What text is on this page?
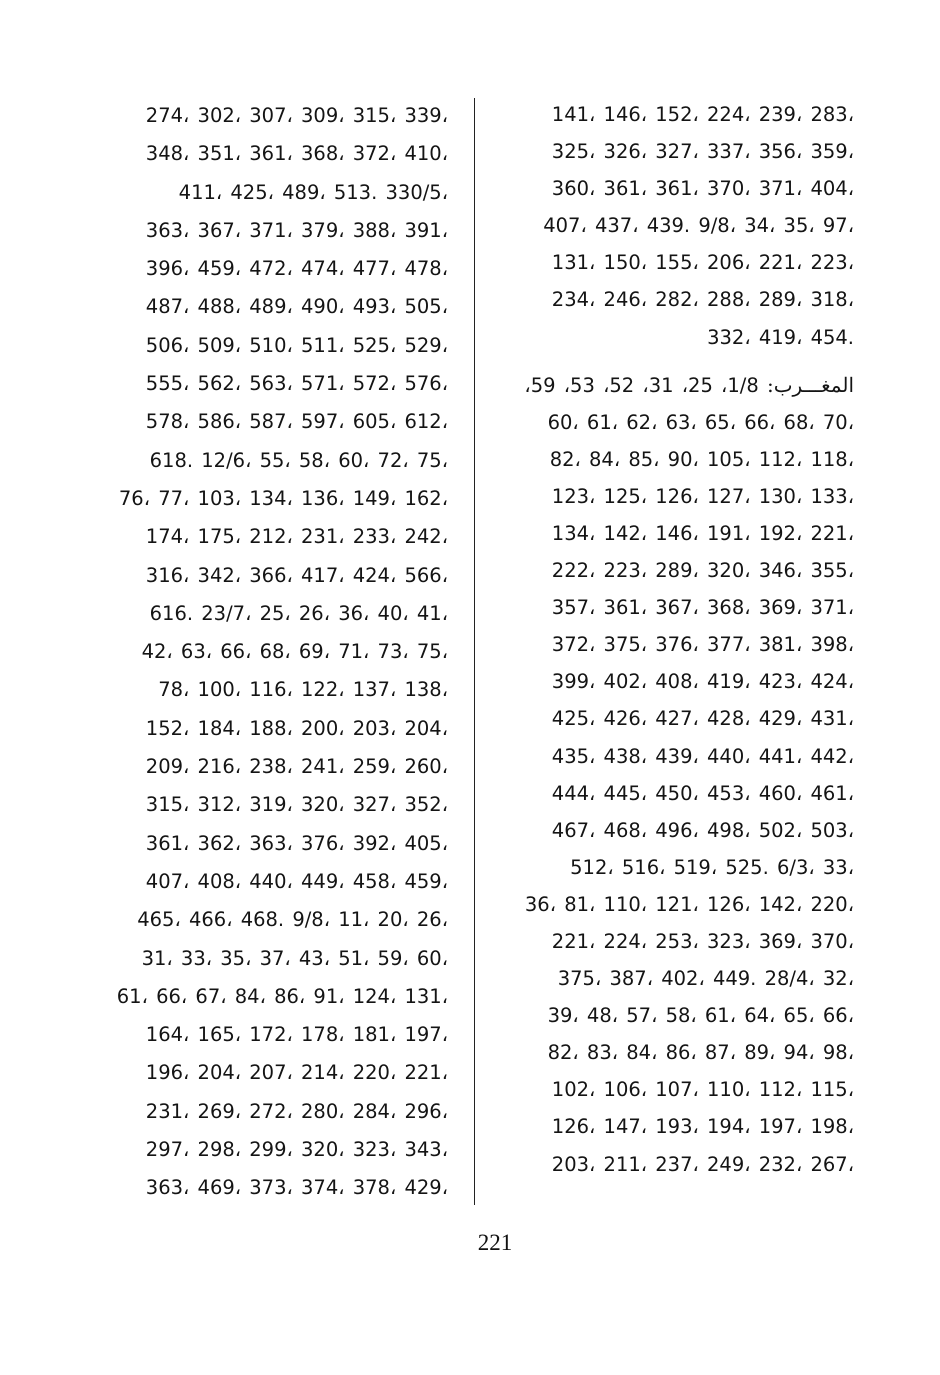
،339 ،315 ،309 ،307 ،302 ،274
،410 ،372 ،368 ،361 ،351 ،348
،330/5 .513 ،489 ،425 ،411
،391 ،388 ،379 ،371 ،367 ،363
،478 ،477 ،474 ،472 ،459 ،396
،505 ،493 ،490 ،489 ،488 ،487
،529 ،525 ،511 ،510 ،509 ،506
،576 ،572 ،571 ،563 ،562 ،555
،612 ،605 ،597 ،587 ،586 ،578
،75 ،72 ،60 ،58 ،55 ،12/6 .618
،162 ،149 ،136 ،134 ،103 ،77 ،76
،242 ،233 ،231 ،212 ،175 ،174
،566 ،424 ،417 ،366 ،342 ،316
،41 ،40 ،36 ،26 ،25 ،23/7 .616
،75 ،73 ،71 ،69 ،68 ،66 ،63 ،42
،138 ،137 ،122 ،116 ،100 ،78
،204 ،203 ،200 ،188 ،184 ،152
،260 ،259 ،241 ،238 ،216 ،209
،352 ،327 ،320 ،319 ،312 ،315
،405 ،392 ،376 ،363 ،362 ،361
،459 ،458 ،449 ،440 ،408 ،407
،26 ،20 ،11 ،9/8 .468 ،466 ،465
،60 ،59 ،51 ،43 ،37 ،35 ،33 ،31
،131 ،124 ،91 ،86 ،84 ،67 ،66 ،61
،197 ،181 ،178 ،172 ،165 ،164
،221 ،220 ،214 ،207 ،204 ،196
،296 ،284 ،280 ،272 ،269 ،231
،343 ،323 ،320 ،299 ،298 ،297
،429 ،378 ،374 ،373 ،469 ،363
،283 ،239 ،224 ،152 ،146 ،141
،359 ،356 ،337 ،327 ،326 ،325
،404 ،371 ،370 ،361 ،361 ،360
،97 ،35 ،34 ،9/8 .439 ،437 ،407
،223 ،221 ،206 ،155 ،150 ،131
،318 ،289 ،288 ،282 ،246 ،234
.454 ،419 ،332
المغـــرب: 1/8، 25، 31، 52، 53، 59،
،70 ،68 ،66 ،65 ،63 ،62 ،61 ،60
،118 ،112 ،105 ،90 ،85 ،84 ،82
،133 ،130 ،127 ،126 ،125 ،123
،221 ،192 ،191 ،146 ،142 ،134
،355 ،346 ،320 ،289 ،223 ،222
،371 ،369 ،368 ،367 ،361 ،357
،398 ،381 ،377 ،376 ،375 ،372
،424 ،423 ،419 ،408 ،402 ،399
،431 ،429 ،428 ،427 ،426 ،425
،442 ،441 ،440 ،439 ،438 ،435
،461 ،460 ،453 ،450 ،445 ،444
،503 ،502 ،498 ،496 ،468 ،467
،33 ،6/3 .525 ،519 ،516 ،512
،220 ،142 ،126 ،121 ،110 ،81 ،36
،370 ،369 ،323 ،253 ،224 ،221
،32 ،28/4 .449 ،402 ،387 ،375
،66 ،65 ،64 ،61 ،58 ،57 ،48 ،39
،98 ،94 ،89 ،87 ،86 ،84 ،83 ،82
،115 ،112 ،110 ،107 ،106 ،102
،198 ،197 ،194 ،193 ،147 ،126
،267 ،232 ،249 ،237 ،211 ،203
221
